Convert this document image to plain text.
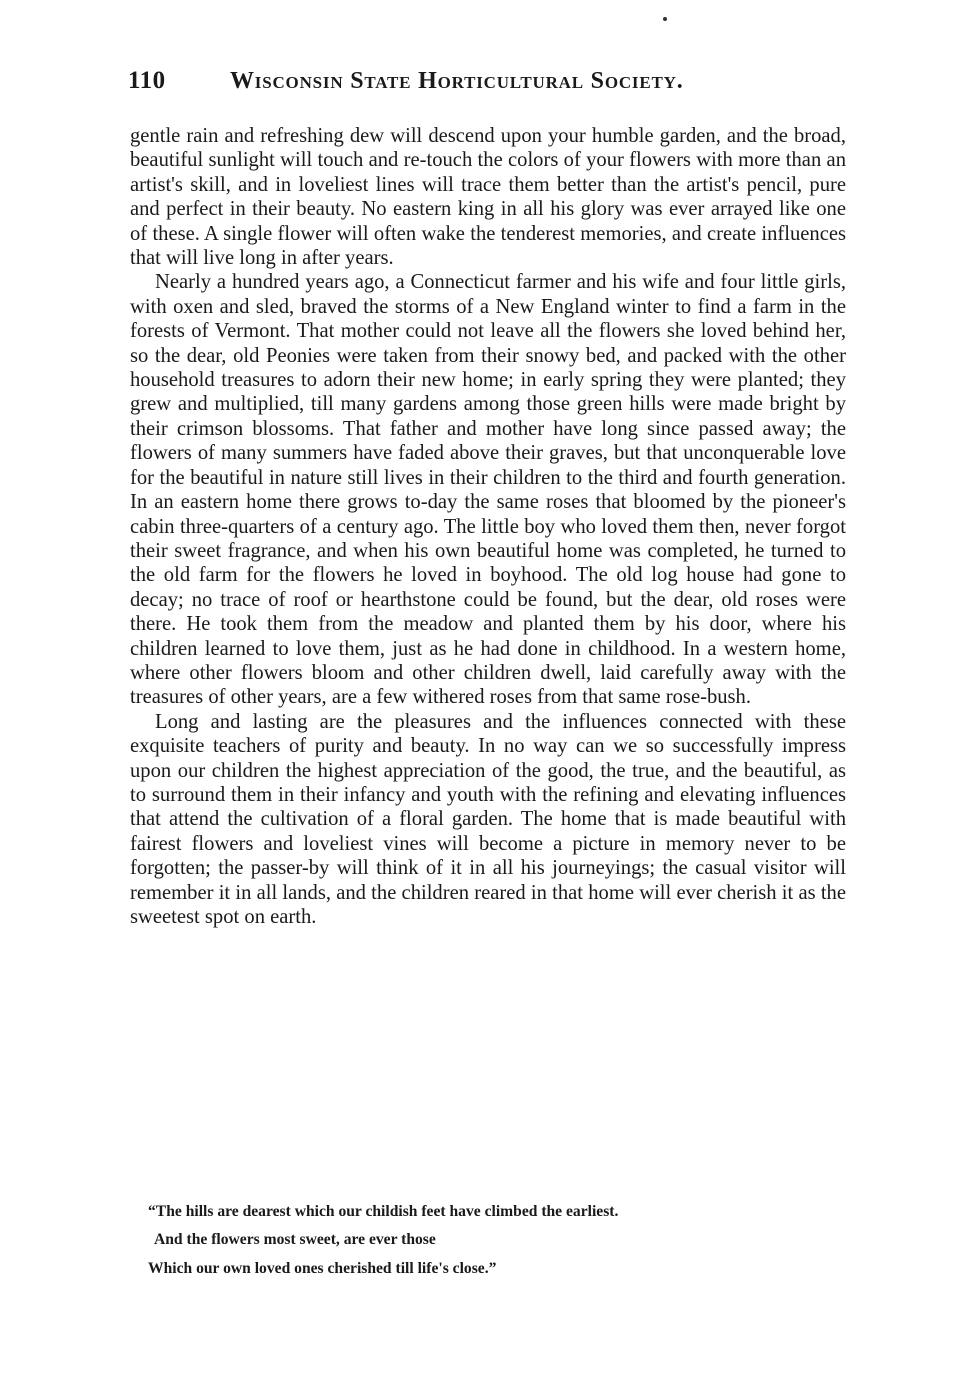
110	Wisconsin State Horticultural Society.

gentle rain and refreshing dew will descend upon your humble garden, and the broad, beautiful sunlight will touch and re-touch the colors of your flowers with more than an artist's skill, and in loveliest lines will trace them better than the artist's pencil, pure and perfect in their beauty. No eastern king in all his glory was ever arrayed like one of these. A single flower will often wake the tenderest memories, and create influences that will live long in after years.

Nearly a hundred years ago, a Connecticut farmer and his wife and four little girls, with oxen and sled, braved the storms of a New England winter to find a farm in the forests of Vermont. That mother could not leave all the flowers she loved behind her, so the dear, old Peonies were taken from their snowy bed, and packed with the other household treasures to adorn their new home; in early spring they were planted; they grew and multiplied, till many gardens among those green hills were made bright by their crimson blossoms. That father and mother have long since passed away; the flowers of many summers have faded above their graves, but that unconquerable love for the beautiful in nature still lives in their children to the third and fourth generation. In an eastern home there grows to-day the same roses that bloomed by the pioneer's cabin three-quarters of a century ago. The little boy who loved them then, never forgot their sweet fragrance, and when his own beautiful home was completed, he turned to the old farm for the flowers he loved in boyhood. The old log house had gone to decay; no trace of roof or hearthstone could be found, but the dear, old roses were there. He took them from the meadow and planted them by his door, where his children learned to love them, just as he had done in childhood. In a western home, where other flowers bloom and other children dwell, laid carefully away with the treasures of other years, are a few withered roses from that same rose-bush.

Long and lasting are the pleasures and the influences connected with these exquisite teachers of purity and beauty. In no way can we so successfully impress upon our children the highest appreciation of the good, the true, and the beautiful, as to surround them in their infancy and youth with the refining and elevating influences that attend the cultivation of a floral garden. The home that is made beautiful with fairest flowers and loveliest vines will become a picture in memory never to be forgotten; the passer-by will think of it in all his journeyings; the casual visitor will remember it in all lands, and the children reared in that home will ever cherish it as the sweetest spot on earth.

“The hills are dearest which our childish feet have climbed the earliest.
And the flowers most sweet, are ever those
Which our own loved ones cherished till life's close.”
